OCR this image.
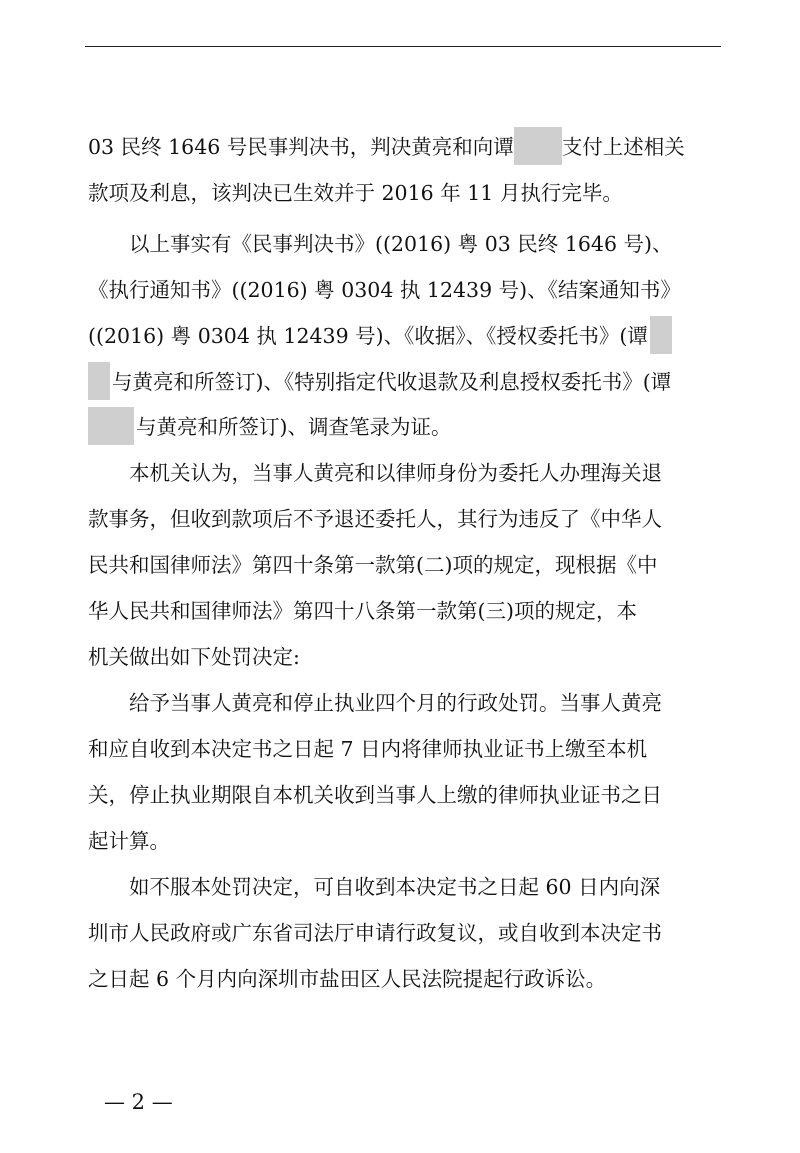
03 民终 1646 号民事判决书，判决黄亮和向谭 支付上述相关
款项及利息，该判决已生效并于 2016 年 11 月执行完毕。
以上事实有《民事判决书》((2016) 粤 03 民终 1646 号)、
《执行通知书》((2016) 粤 0304 执 12439 号)、《结案通知书》
((2016) 粤 0304 执 12439 号)、《收据》、《授权委托书》(谭
与黄亮和所签订)、《特别指定代收退款及利息授权委托书》(谭
与黄亮和所签订)、调查笔录为证。
本机关认为，当事人黄亮和以律师身份为委托人办理海关退
款事务，但收到款项后不予退还委托人，其行为违反了《中华人
民共和国律师法》第四十条第一款第(二)项的规定，现根据《中
华人民共和国律师法》第四十八条第一款第(三)项的规定，本
机关做出如下处罚决定:
给予当事人黄亮和停止执业四个月的行政处罚。当事人黄亮
和应自收到本决定书之日起 7 日内将律师执业证书上缴至本机
关，停止执业期限自本机关收到当事人上缴的律师执业证书之日
起计算。
如不服本处罚决定，可自收到本决定书之日起 60 日内向深
圳市人民政府或广东省司法厅申请行政复议，或自收到本决定书
之日起 6 个月内向深圳市盐田区人民法院提起行政诉讼。
— 2 —
